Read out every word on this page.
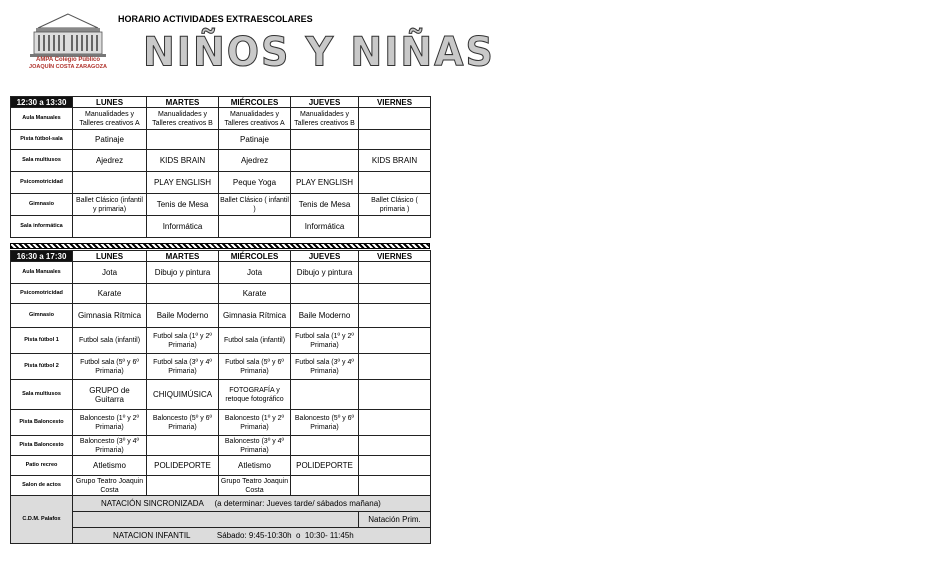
AMPA Colegio Público
JOAQUÍN COSTA ZARAGOZA
HORARIO ACTIVIDADES EXTRAESCOLARES
NIÑOS Y NIÑAS
12:30 a 13:30	LUNES	MARTES	MIÉRCOLES	JUEVES	VIERNES
Aula Manuales	Manualidades y Talleres creativos A	Manualidades y Talleres creativos B	Manualidades y Talleres creativos A	Manualidades y Talleres creativos B	
Pista fútbol-sala	Patinaje		Patinaje		
Sala multiusos	Ajedrez	KIDS BRAIN	Ajedrez		KIDS BRAIN
Psicomotricidad		PLAY ENGLISH	Peque Yoga	PLAY ENGLISH	
Gimnasio	Ballet Clásico (infantil y primaria)	Tenis de Mesa	Ballet Clásico ( infantil )	Tenis de Mesa	Ballet Clásico ( primaria )
Sala informática		Informática		Informática	
16:30 a 17:30	LUNES	MARTES	MIÉRCOLES	JUEVES	VIERNES
Aula Manuales	Jota	Dibujo y pintura	Jota	Dibujo y pintura	
Psicomotricidad	Karate		Karate		
Gimnasio	Gimnasia Rítmica	Baile Moderno	Gimnasia Rítmica	Baile Moderno	
Pista fútbol 1	Futbol sala (infantil)	Futbol sala (1º y 2º Primaria)	Futbol sala (infantil)	Futbol sala (1º y 2º Primaria)	
Pista fútbol 2	Futbol sala (5º y 6º Primaria)	Futbol sala (3º y 4º Primaria)	Futbol sala (5º y 6º Primaria)	Futbol sala (3º y 4º Primaria)	
Sala multiusos	GRUPO de Guitarra	CHIQUIMÚSICA	FOTOGRAFÍA y retoque fotográfico		
Pista Baloncesto	Baloncesto (1º y 2º Primaria)	Baloncesto (5º y 6º Primaria)	Baloncesto (1º y 2º Primaria)	Baloncesto (5º y 6º Primaria)	
Pista Baloncesto	Baloncesto (3º y 4º Primaria)		Baloncesto (3º y 4º Primaria)		
Patio recreo	Atletismo	POLIDEPORTE	Atletismo	POLIDEPORTE	
Salon de actos	Grupo Teatro Joaquin Costa		Grupo Teatro Joaquin Costa		
C.D.M. Palafox	NATACIÓN SINCRONIZADA     (a determinar: Jueves tarde/ sábados mañana)				
					Natación Prim.
	NATACION INFANTIL            Sábado: 9:45-10:30h  o  10:30- 11:45h				
